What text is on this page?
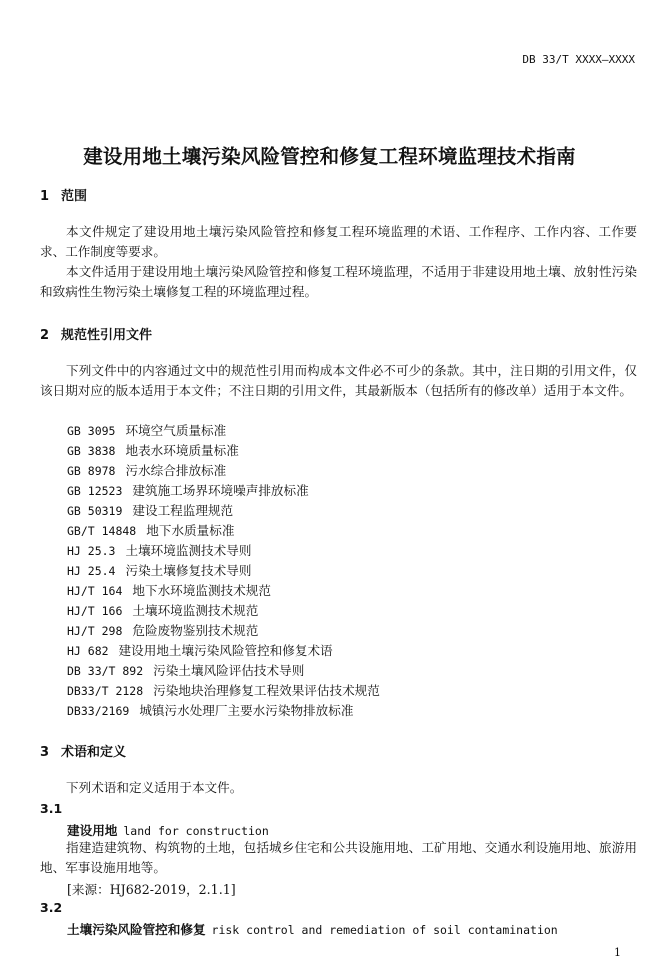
DB 33/T XXXX—XXXX
建设用地土壤污染风险管控和修复工程环境监理技术指南
1 范围
本文件规定了建设用地土壤污染风险管控和修复工程环境监理的术语、工作程序、工作内容、工作要求、工作制度等要求。
本文件适用于建设用地土壤污染风险管控和修复工程环境监理，不适用于非建设用地土壤、放射性污染和致病性生物污染土壤修复工程的环境监理过程。
2 规范性引用文件
下列文件中的内容通过文中的规范性引用而构成本文件必不可少的条款。其中，注日期的引用文件，仅该日期对应的版本适用于本文件；不注日期的引用文件，其最新版本（包括所有的修改单）适用于本文件。
GB 3095 环境空气质量标准
GB 3838 地表水环境质量标准
GB 8978 污水综合排放标准
GB 12523 建筑施工场界环境噪声排放标准
GB 50319 建设工程监理规范
GB/T 14848 地下水质量标准
HJ 25.3 土壤环境监测技术导则
HJ 25.4 污染土壤修复技术导则
HJ/T 164 地下水环境监测技术规范
HJ/T 166 土壤环境监测技术规范
HJ/T 298 危险废物鉴别技术规范
HJ 682 建设用地土壤污染风险管控和修复术语
DB 33/T 892 污染土壤风险评估技术导则
DB33/T 2128 污染地块治理修复工程效果评估技术规范
DB33/2169 城镇污水处理厂主要水污染物排放标准
3 术语和定义
下列术语和定义适用于本文件。
3.1
建设用地 land for construction
指建造建筑物、构筑物的土地，包括城乡住宅和公共设施用地、工矿用地、交通水利设施用地、旅游用地、军事设施用地等。
[来源：HJ682-2019，2.1.1]
3.2
土壤污染风险管控和修复 risk control and remediation of soil contamination
1
